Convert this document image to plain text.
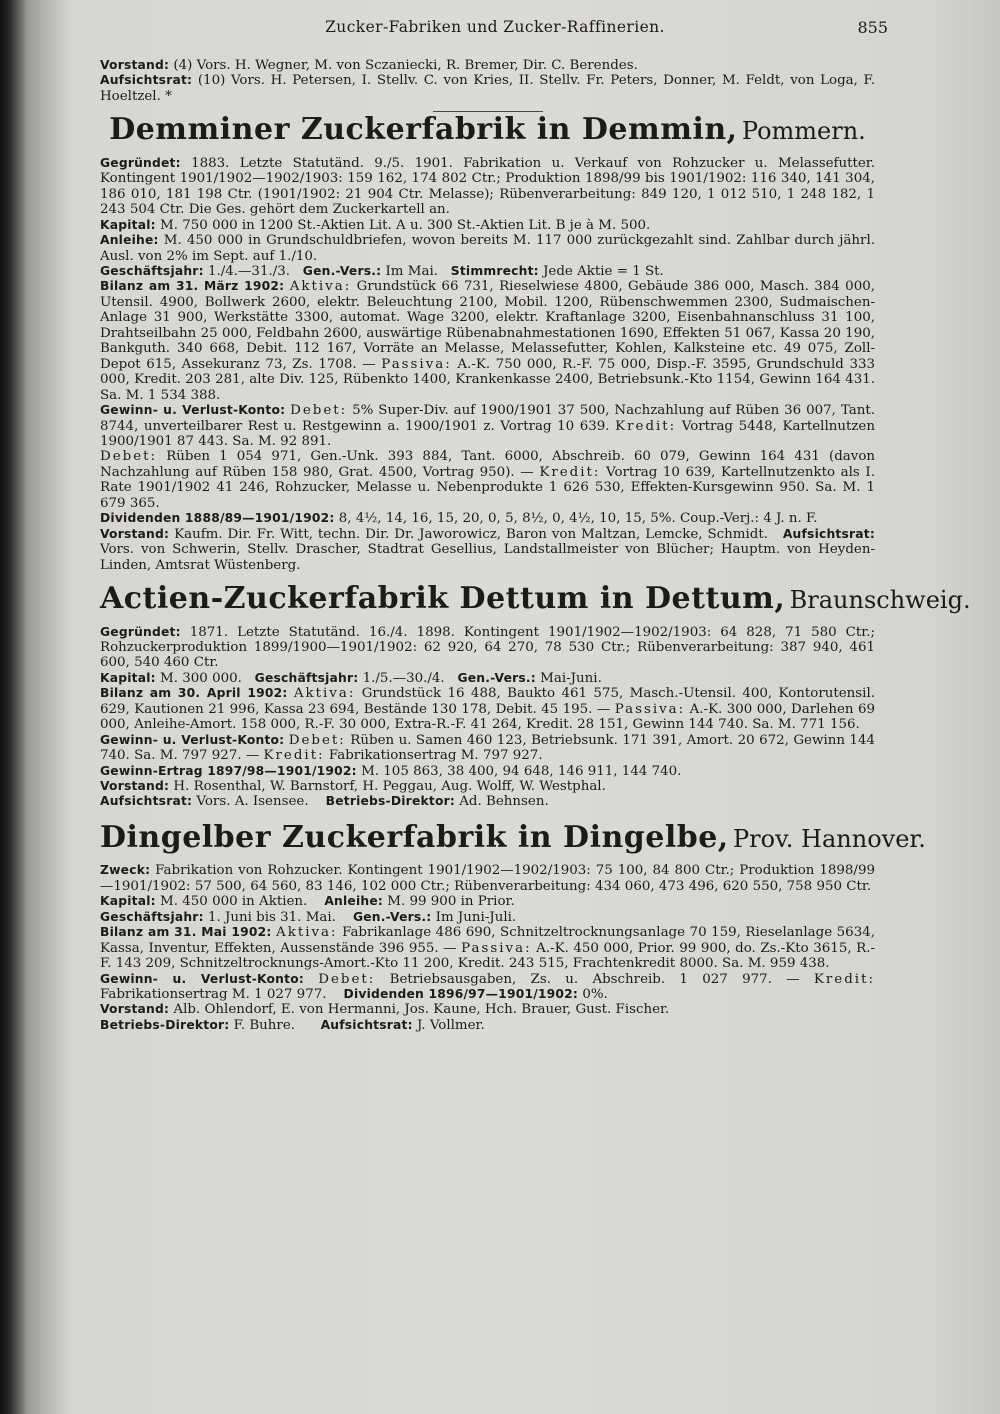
Zucker-Fabriken und Zucker-Raffinerien.	855

Vorstand: (4) Vors. H. Wegner, M. von Sczaniecki, R. Bremer, Dir. C. Berendes.

Aufsichtsrat: (10) Vors. H. Petersen, I. Stellv. C. von Kries, II. Stellv. Fr. Peters, Donner, M. Feldt, von Loga, F. Hoeltzel. *

Demminer Zuckerfabrik in Demmin, Pommern.

Gegründet: 1883. Letzte Statutänd. 9./5. 1901. Fabrikation u. Verkauf von Rohzucker u. Melassefutter. Kontingent 1901/1902—1902/1903: 159 162, 174 802 Ctr.; Produktion 1898/99 bis 1901/1902: 116 340, 141 304, 186 010, 181 198 Ctr. (1901/1902: 21 904 Ctr. Melasse); Rübenverarbeitung: 849 120, 1 012 510, 1 248 182, 1 243 504 Ctr. Die Ges. gehört dem Zuckerkartell an.

Kapital: M. 750 000 in 1200 St.-Aktien Lit. A u. 300 St.-Aktien Lit. B je à M. 500.

Anleihe: M. 450 000 in Grundschuldbriefen, wovon bereits M. 117 000 zurückgezahlt sind. Zahlbar durch jährl. Ausl. von 2% im Sept. auf 1./10.

Geschäftsjahr: 1./4.—31./3. Gen.-Vers.: Im Mai. Stimmrecht: Jede Aktie = 1 St.

Bilanz am 31. März 1902: Aktiva: Grundstück 66 731, Rieselwiese 4800, Gebäude 386 000, Masch. 384 000, Utensil. 4900, Bollwerk 2600, elektr. Beleuchtung 2100, Mobil. 1200, Rübenschwemmen 2300, Sudmaischen-Anlage 31 900, Werkstätte 3300, automat. Wage 3200, elektr. Kraftanlage 3200, Eisenbahnanschluss 31 100, Drahtseilbahn 25 000, Feldbahn 2600, auswärtige Rübenabnahmestationen 1690, Effekten 51 067, Kassa 20 190, Bankguth. 340 668, Debit. 112 167, Vorräte an Melasse, Melassefutter, Kohlen, Kalksteine etc. 49 075, Zoll-Depot 615, Assekuranz 73, Zs. 1708. — Passiva: A.-K. 750 000, R.-F. 75 000, Disp.-F. 3595, Grundschuld 333 000, Kredit. 203 281, alte Div. 125, Rübenkto 1400, Krankenkasse 2400, Betriebsunk.-Kto 1154, Gewinn 164 431. Sa. M. 1 534 388.

Gewinn- u. Verlust-Konto: Debet: 5% Super-Div. auf 1900/1901 37 500, Nachzahlung auf Rüben 36 007, Tant. 8744, unverteilbarer Rest u. Restgewinn a. 1900/1901 z. Vortrag 10 639. Kredit: Vortrag 5448, Kartellnutzen 1900/1901 87 443. Sa. M. 92 891.

Debet: Rüben 1 054 971, Gen.-Unk. 393 884, Tant. 6000, Abschreib. 60 079, Gewinn 164 431 (davon Nachzahlung auf Rüben 158 980, Grat. 4500, Vortrag 950). — Kredit: Vortrag 10 639, Kartellnutzenkto als I. Rate 1901/1902 41 246, Rohzucker, Melasse u. Nebenprodukte 1 626 530, Effekten-Kursgewinn 950. Sa. M. 1 679 365.

Dividenden 1888/89—1901/1902: 8, 4½, 14, 16, 15, 20, 0, 5, 8½, 0, 4½, 10, 15, 5%. Coup.-Verj.: 4 J. n. F.

Vorstand: Kaufm. Dir. Fr. Witt, techn. Dir. Dr. Jaworowicz, Baron von Maltzan, Lemcke, Schmidt. Aufsichtsrat: Vors. von Schwerin, Stellv. Drascher, Stadtrat Gesellius, Landstallmeister von Blücher; Hauptm. von Heyden-Linden, Amtsrat Wüstenberg.

Actien-Zuckerfabrik Dettum in Dettum, Braunschweig.

Gegründet: 1871. Letzte Statutänd. 16./4. 1898. Kontingent 1901/1902—1902/1903: 64 828, 71 580 Ctr.; Rohzuckerproduktion 1899/1900—1901/1902: 62 920, 64 270, 78 530 Ctr.; Rübenverarbeitung: 387 940, 461 600, 540 460 Ctr.

Kapital: M. 300 000. Geschäftsjahr: 1./5.—30./4. Gen.-Vers.: Mai-Juni.

Bilanz am 30. April 1902: Aktiva: Grundstück 16 488, Baukto 461 575, Masch.-Utensil. 400, Kontorutensil. 629, Kautionen 21 996, Kassa 23 694, Bestände 130 178, Debit. 45 195. — Passiva: A.-K. 300 000, Darlehen 69 000, Anleihe-Amort. 158 000, R.-F. 30 000, Extra-R.-F. 41 264, Kredit. 28 151, Gewinn 144 740. Sa. M. 771 156.

Gewinn- u. Verlust-Konto: Debet: Rüben u. Samen 460 123, Betriebsunk. 171 391, Amort. 20 672, Gewinn 144 740. Sa. M. 797 927. — Kredit: Fabrikationsertrag M. 797 927.

Gewinn-Ertrag 1897/98—1901/1902: M. 105 863, 38 400, 94 648, 146 911, 144 740.

Vorstand: H. Rosenthal, W. Barnstorf, H. Peggau, Aug. Wolff, W. Westphal.

Aufsichtsrat: Vors. A. Isensee. Betriebs-Direktor: Ad. Behnsen.

Dingelber Zuckerfabrik in Dingelbe, Prov. Hannover.

Zweck: Fabrikation von Rohzucker. Kontingent 1901/1902—1902/1903: 75 100, 84 800 Ctr.; Produktion 1898/99—1901/1902: 57 500, 64 560, 83 146, 102 000 Ctr.; Rübenverarbeitung: 434 060, 473 496, 620 550, 758 950 Ctr.

Kapital: M. 450 000 in Aktien. Anleihe: M. 99 900 in Prior.

Geschäftsjahr: 1. Juni bis 31. Mai. Gen.-Vers.: Im Juni-Juli.

Bilanz am 31. Mai 1902: Aktiva: Fabrikanlage 486 690, Schnitzeltrocknungsanlage 70 159, Rieselanlage 5634, Kassa, Inventur, Effekten, Aussenstände 396 955. — Passiva: A.-K. 450 000, Prior. 99 900, do. Zs.-Kto 3615, R.-F. 143 209, Schnitzeltrocknungs-Amort.-Kto 11 200, Kredit. 243 515, Frachtenkredit 8000. Sa. M. 959 438.

Gewinn- u. Verlust-Konto: Debet: Betriebsausgaben, Zs. u. Abschreib. 1 027 977. — Kredit: Fabrikationsertrag M. 1 027 977. Dividenden 1896/97—1901/1902: 0%.

Vorstand: Alb. Ohlendorf, E. von Hermanni, Jos. Kaune, Hch. Brauer, Gust. Fischer.

Betriebs-Direktor: F. Buhre. Aufsichtsrat: J. Vollmer.
